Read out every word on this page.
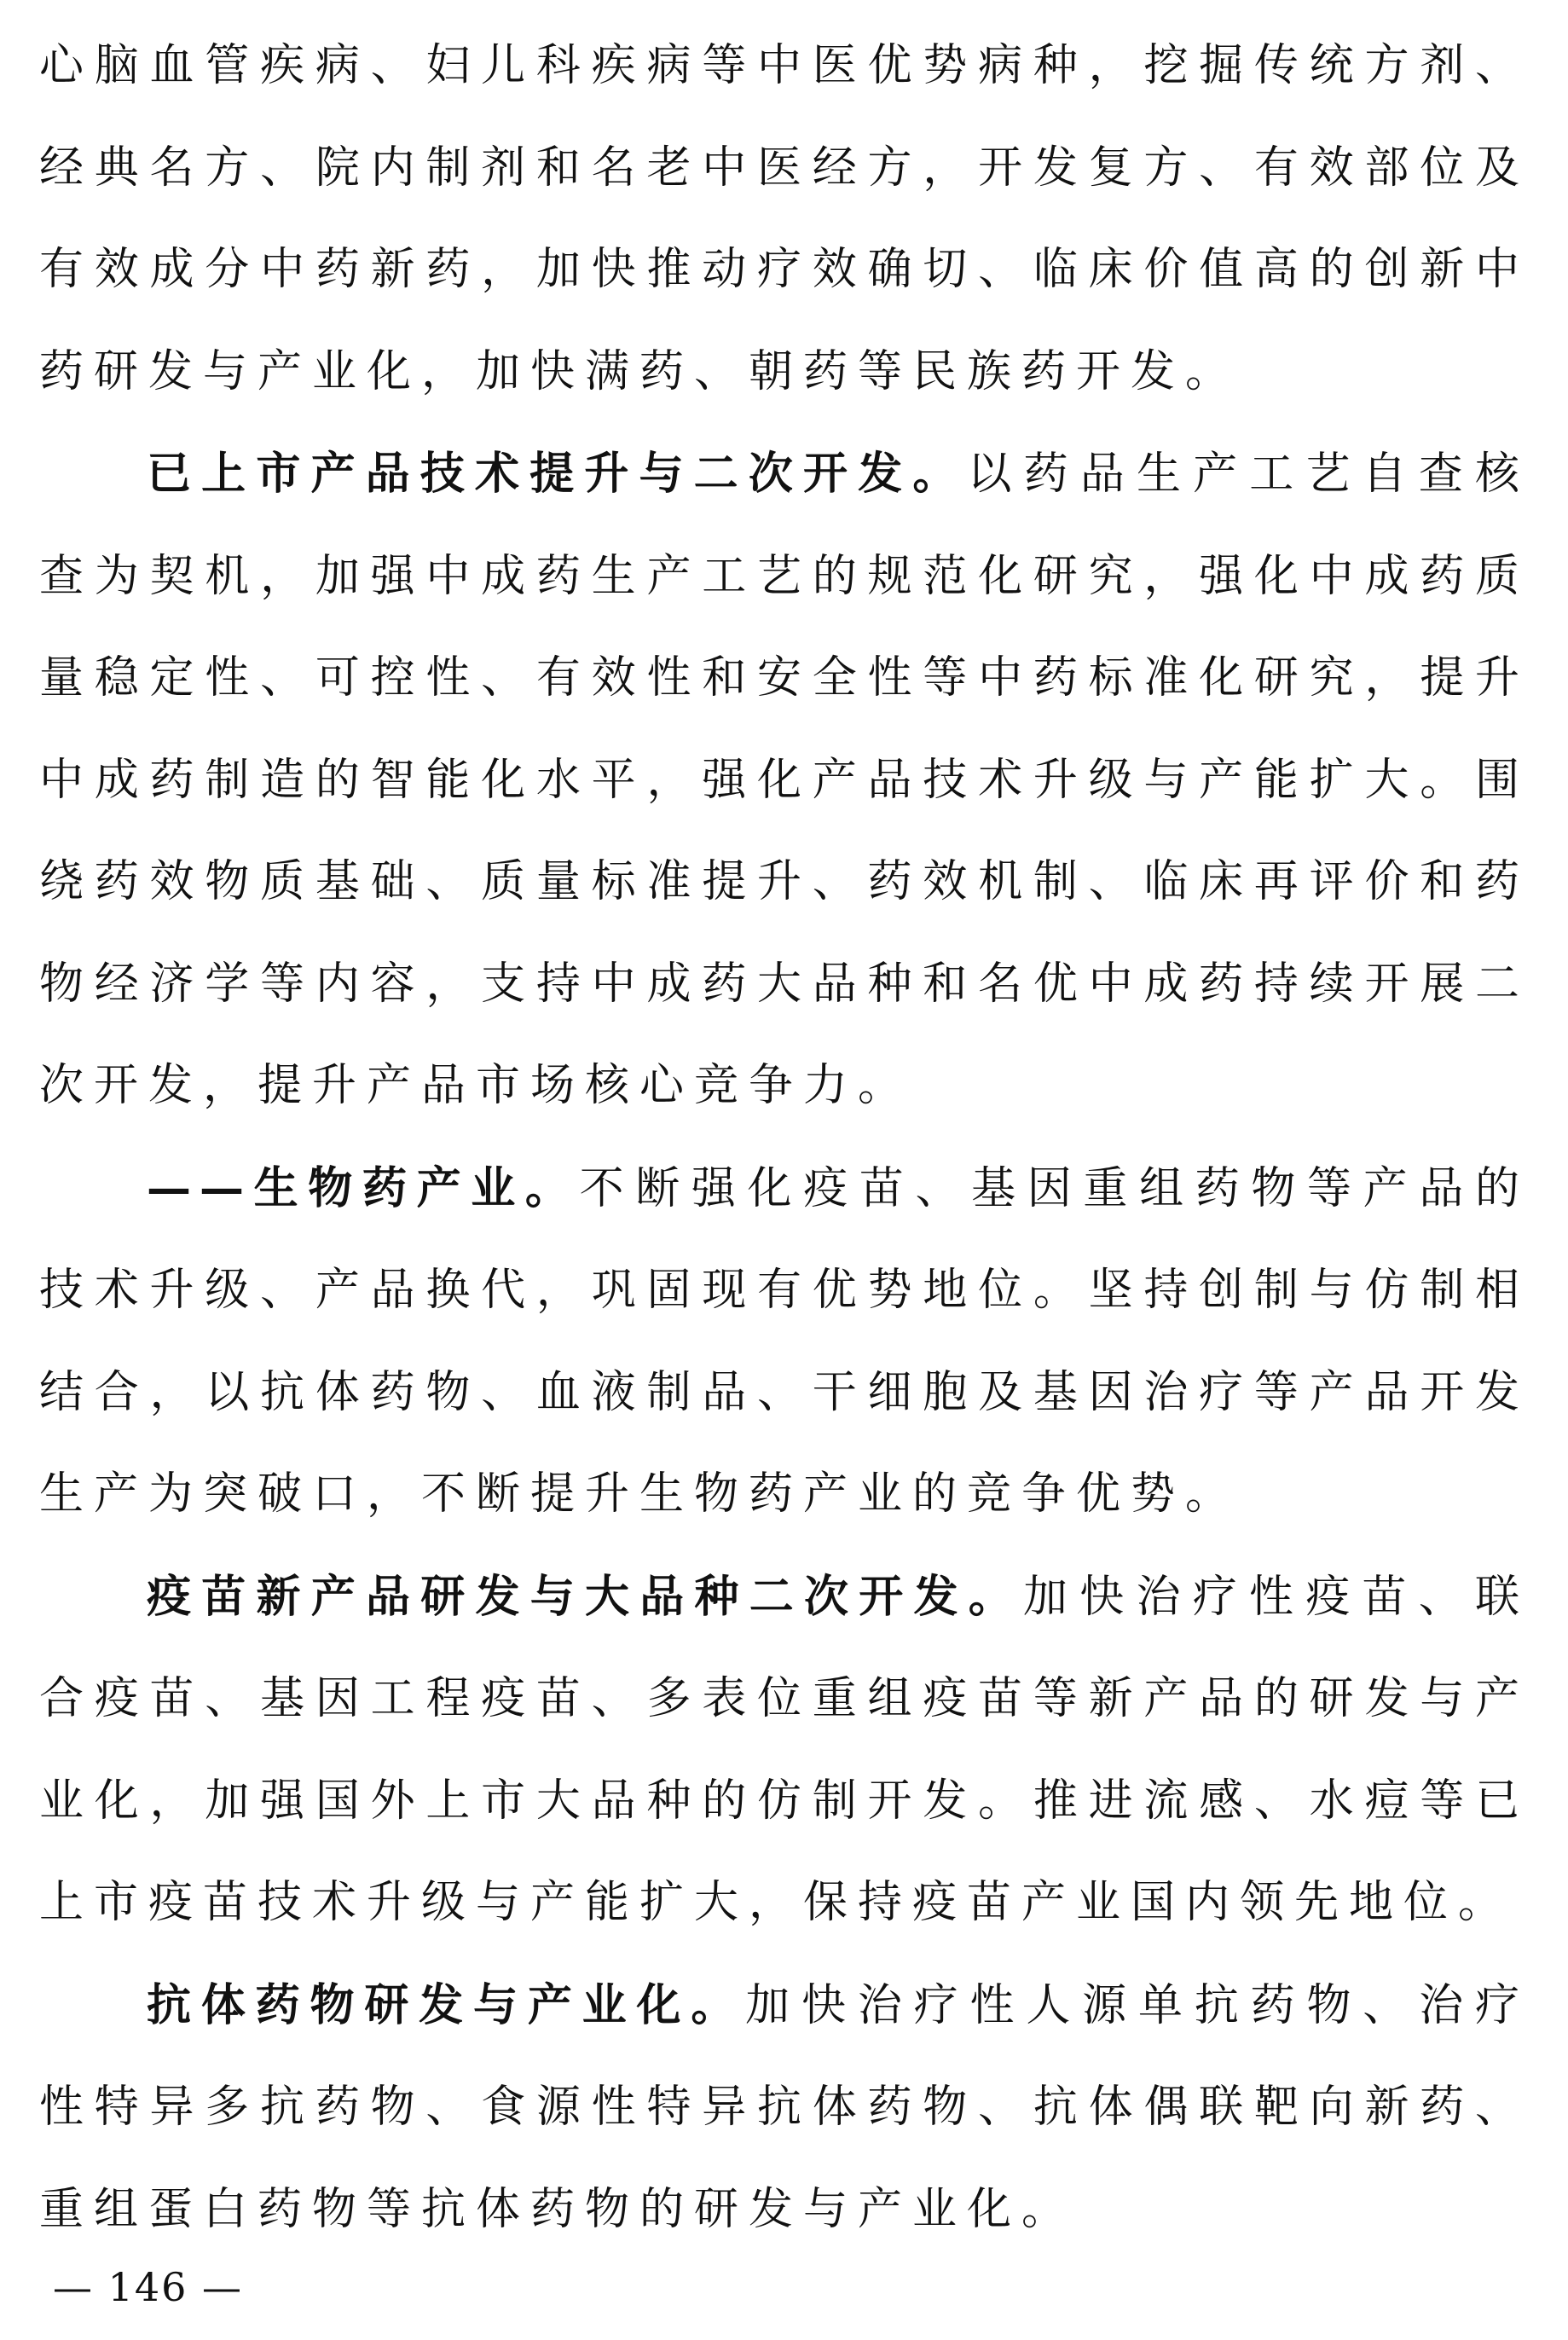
心脑血管疾病、妇儿科疾病等中医优势病种，挖掘传统方剂、经典名方、院内制剂和名老中医经方，开发复方、有效部位及有效成分中药新药，加快推动疗效确切、临床价值高的创新中药研发与产业化，加快满药、朝药等民族药开发。

已上市产品技术提升与二次开发。以药品生产工艺自查核查为契机，加强中成药生产工艺的规范化研究，强化中成药质量稳定性、可控性、有效性和安全性等中药标准化研究，提升中成药制造的智能化水平，强化产品技术升级与产能扩大。围绕药效物质基础、质量标准提升、药效机制、临床再评价和药物经济学等内容，支持中成药大品种和名优中成药持续开展二次开发，提升产品市场核心竞争力。

——生物药产业。不断强化疫苗、基因重组药物等产品的技术升级、产品换代，巩固现有优势地位。坚持创制与仿制相结合，以抗体药物、血液制品、干细胞及基因治疗等产品开发生产为突破口，不断提升生物药产业的竞争优势。

疫苗新产品研发与大品种二次开发。加快治疗性疫苗、联合疫苗、基因工程疫苗、多表位重组疫苗等新产品的研发与产业化，加强国外上市大品种的仿制开发。推进流感、水痘等已上市疫苗技术升级与产能扩大，保持疫苗产业国内领先地位。

抗体药物研发与产业化。加快治疗性人源单抗药物、治疗性特异多抗药物、食源性特异抗体药物、抗体偶联靶向新药、重组蛋白药物等抗体药物的研发与产业化。

— 146 —
